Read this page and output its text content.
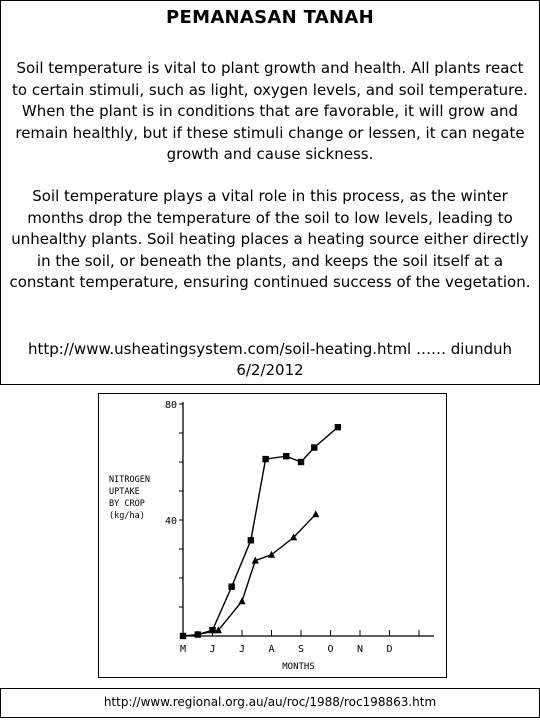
PEMANASAN TANAH
Soil temperature is vital to plant growth and health. All plants react to certain stimuli, such as light, oxygen levels, and soil temperature. When the plant is in conditions that are favorable, it will grow and remain healthly, but if these stimuli change or lessen, it can negate growth and cause sickness.
Soil temperature plays a vital role in this process, as the winter months drop the temperature of the soil to low levels, leading to unhealthy plants. Soil heating places a heating source either directly in the soil, or beneath the plants, and keeps the soil itself at a constant temperature, ensuring continued success of the vegetation.
http://www.usheatingsystem.com/soil-heating.html …… diunduh
6/2/2012
80
40
M J J A S O N D
MONTHS
NITROGEN UPTAKE BY CROP (kg/ha)
http://www.regional.org.au/au/roc/1988/roc198863.htm
